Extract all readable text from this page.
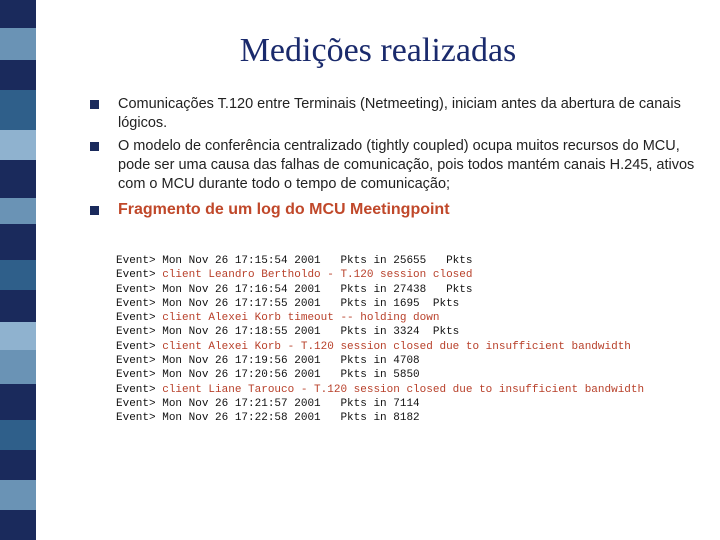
Medições realizadas
Comunicações T.120 entre Terminais (Netmeeting), iniciam antes da abertura de canais lógicos.
O modelo de conferência centralizado (tightly coupled) ocupa muitos recursos do MCU, pode ser uma causa das falhas de comunicação, pois todos mantém canais H.245, ativos com o MCU durante todo o tempo de comunicação;
Fragmento de um log do MCU Meetingpoint
Event> Mon Nov 26 17:15:54 2001   Pkts in 25655   Pkts
Event> client Leandro Bertholdo - T.120 session closed
Event> Mon Nov 26 17:16:54 2001   Pkts in 27438   Pkts
Event> Mon Nov 26 17:17:55 2001   Pkts in 1695  Pkts
Event> client Alexei Korb timeout -- holding down
Event> Mon Nov 26 17:18:55 2001   Pkts in 3324  Pkts
Event> client Alexei Korb - T.120 session closed due to insufficient bandwidth
Event> Mon Nov 26 17:19:56 2001   Pkts in 4708
Event> Mon Nov 26 17:20:56 2001   Pkts in 5850
Event> client Liane Tarouco - T.120 session closed due to insufficient bandwidth
Event> Mon Nov 26 17:21:57 2001   Pkts in 7114
Event> Mon Nov 26 17:22:58 2001   Pkts in 8182
